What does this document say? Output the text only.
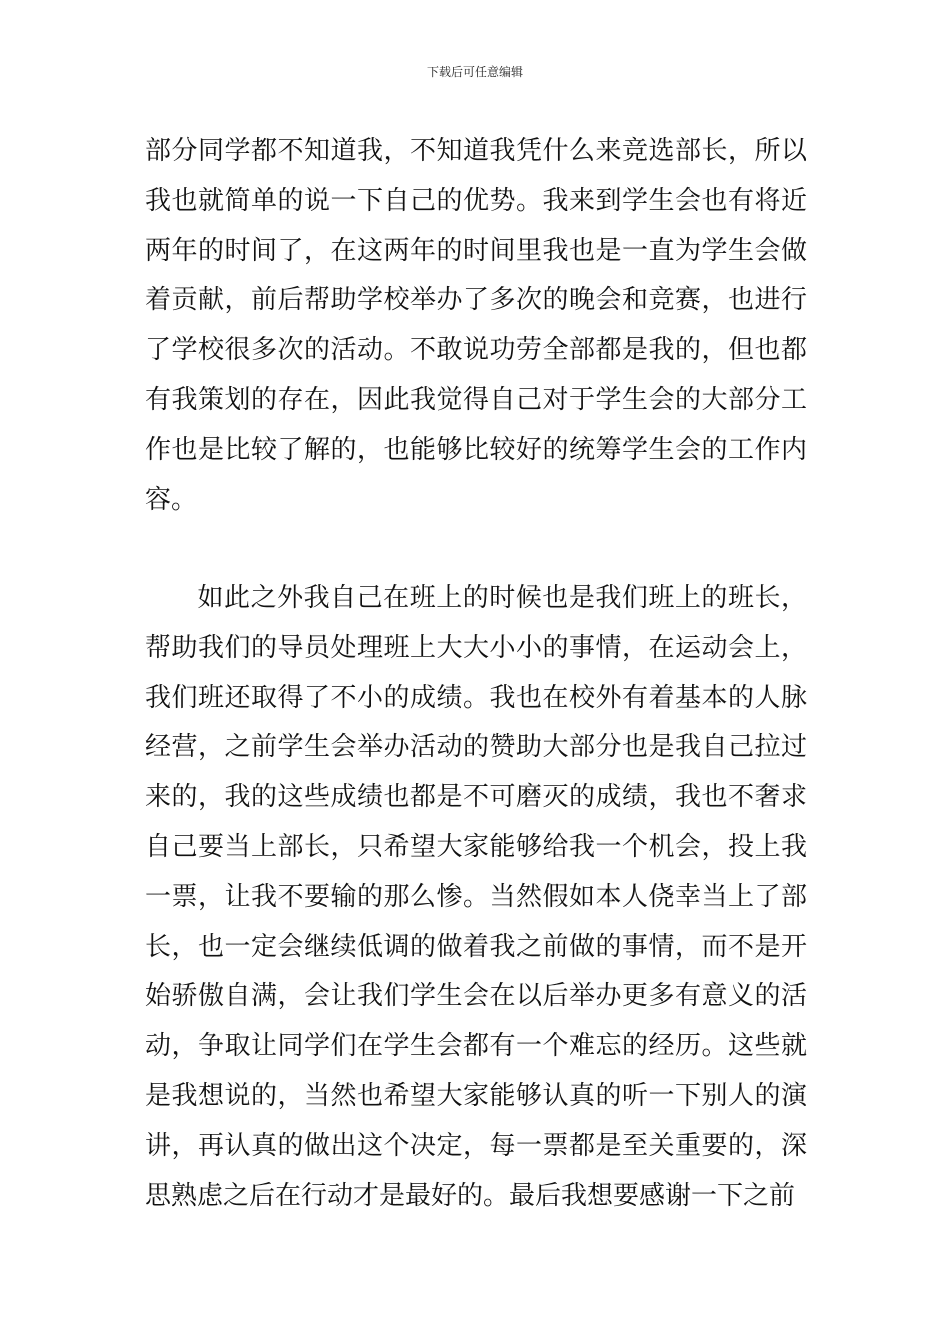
下载后可任意编辑
部分同学都不知道我，不知道我凭什么来竞选部长，所以我也就简单的说一下自己的优势。我来到学生会也有将近两年的时间了，在这两年的时间里我也是一直为学生会做着贡献，前后帮助学校举办了多次的晚会和竞赛，也进行了学校很多次的活动。不敢说功劳全部都是我的，但也都有我策划的存在，因此我觉得自己对于学生会的大部分工作也是比较了解的，也能够比较好的统筹学生会的工作内容。
如此之外我自己在班上的时候也是我们班上的班长，帮助我们的导员处理班上大大小小的事情，在运动会上，我们班还取得了不小的成绩。我也在校外有着基本的人脉经营，之前学生会举办活动的赞助大部分也是我自己拉过来的，我的这些成绩也都是不可磨灭的成绩，我也不奢求自己要当上部长，只希望大家能够给我一个机会，投上我一票，让我不要输的那么惨。当然假如本人侥幸当上了部长，也一定会继续低调的做着我之前做的事情，而不是开始骄傲自满，会让我们学生会在以后举办更多有意义的活动，争取让同学们在学生会都有一个难忘的经历。这些就是我想说的，当然也希望大家能够认真的听一下别人的演讲，再认真的做出这个决定，每一票都是至关重要的，深思熟虑之后在行动才是最好的。最后我想要感谢一下之前
